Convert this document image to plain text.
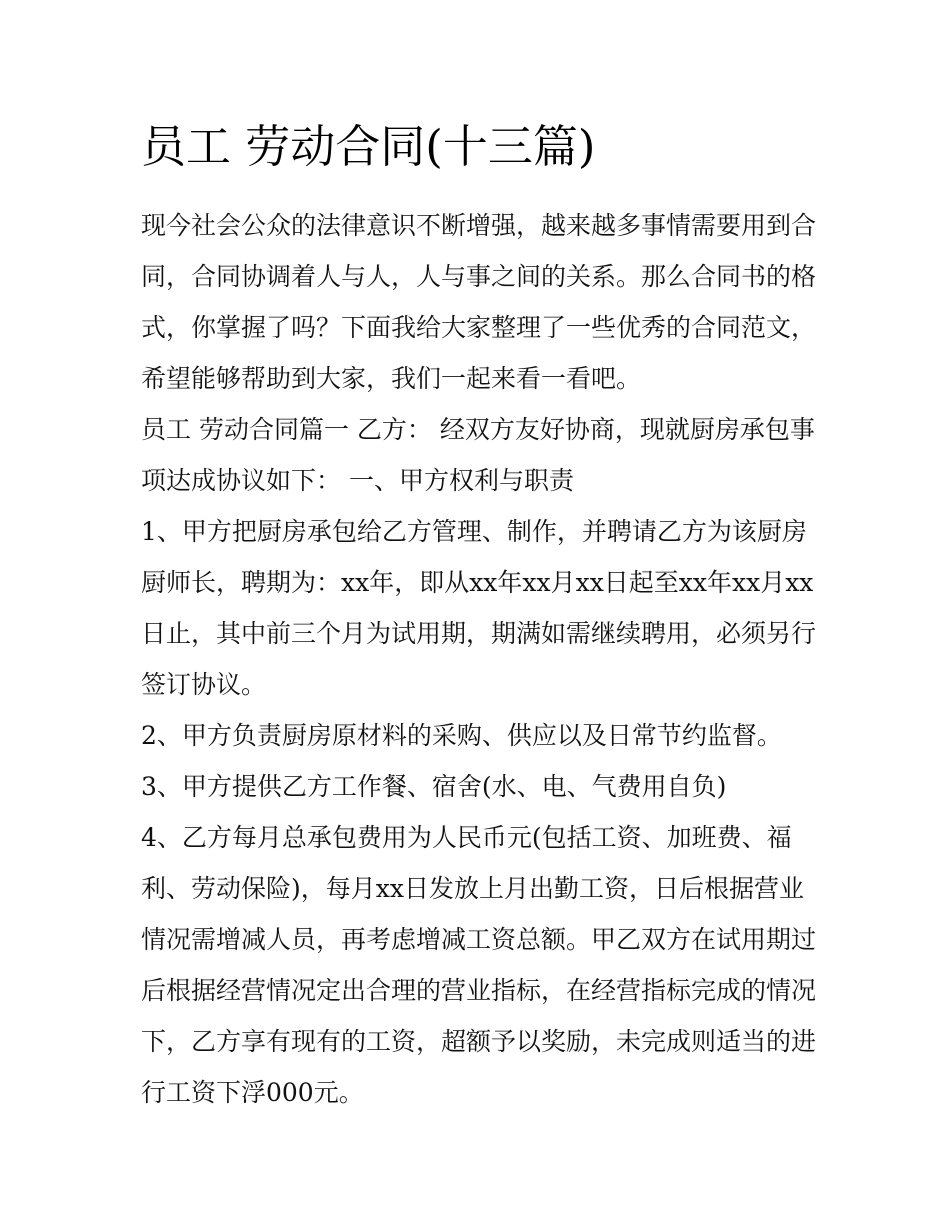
员工 劳动合同(十三篇)

现今社会公众的法律意识不断增强，越来越多事情需要用到合同，合同协调着人与人，人与事之间的关系。那么合同书的格式，你掌握了吗？下面我给大家整理了一些优秀的合同范文，希望能够帮助到大家，我们一起来看一看吧。

员工 劳动合同篇一 乙方： 经双方友好协商，现就厨房承包事项达成协议如下： 一、甲方权利与职责

1、甲方把厨房承包给乙方管理、制作，并聘请乙方为该厨房厨师长，聘期为：xx年，即从xx年xx月xx日起至xx年xx月xx日止，其中前三个月为试用期，期满如需继续聘用，必须另行签订协议。

2、甲方负责厨房原材料的采购、供应以及日常节约监督。

3、甲方提供乙方工作餐、宿舍(水、电、气费用自负)

4、乙方每月总承包费用为人民币元(包括工资、加班费、福利、劳动保险)，每月xx日发放上月出勤工资，日后根据营业情况需增减人员，再考虑增减工资总额。甲乙双方在试用期过后根据经营情况定出合理的营业指标，在经营指标完成的情况下，乙方享有现有的工资，超额予以奖励，未完成则适当的进行工资下浮000元。
